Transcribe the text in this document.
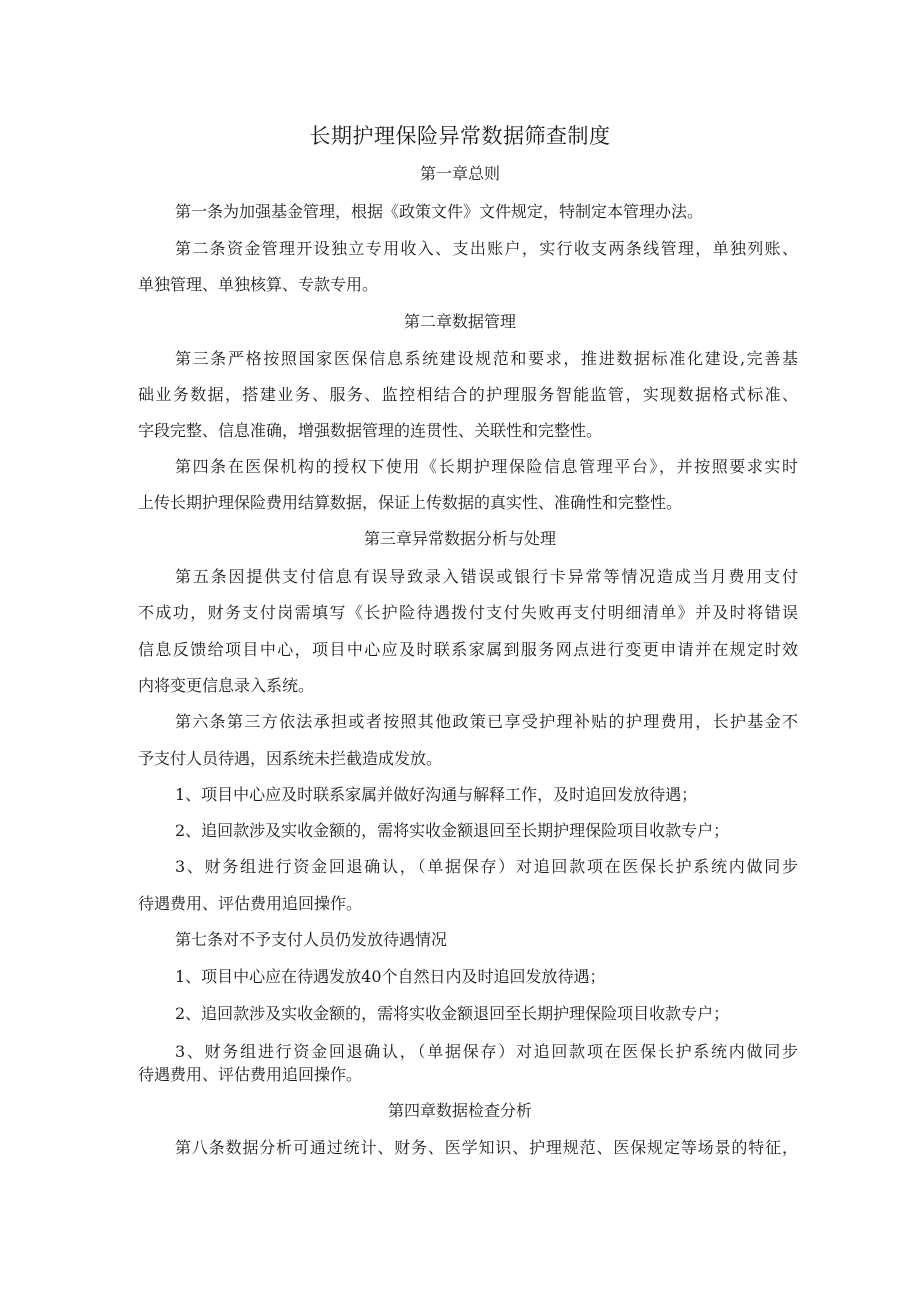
长期护理保险异常数据筛查制度
第一章总则
第一条为加强基金管理，根据《政策文件》文件规定，特制定本管理办法。
第二条资金管理开设独立专用收入、支出账户，实行收支两条线管理，单独列账、
单独管理、单独核算、专款专用。
第二章数据管理
第三条严格按照国家医保信息系统建设规范和要求，推进数据标准化建设,完善基
础业务数据，搭建业务、服务、监控相结合的护理服务智能监管，实现数据格式标准、
字段完整、信息准确，增强数据管理的连贯性、关联性和完整性。
第四条在医保机构的授权下使用《长期护理保险信息管理平台》，并按照要求实时
上传长期护理保险费用结算数据，保证上传数据的真实性、准确性和完整性。
第三章异常数据分析与处理
第五条因提供支付信息有误导致录入错误或银行卡异常等情况造成当月费用支付
不成功，财务支付岗需填写《长护险待遇拨付支付失败再支付明细清单》并及时将错误
信息反馈给项目中心，项目中心应及时联系家属到服务网点进行变更申请并在规定时效
内将变更信息录入系统。
第六条第三方依法承担或者按照其他政策已享受护理补贴的护理费用，长护基金不
予支付人员待遇，因系统未拦截造成发放。
1、项目中心应及时联系家属并做好沟通与解释工作，及时追回发放待遇；
2、追回款涉及实收金额的，需将实收金额退回至长期护理保险项目收款专户；
3、财务组进行资金回退确认，（单据保存）对追回款项在医保长护系统内做同步
待遇费用、评估费用追回操作。
第七条对不予支付人员仍发放待遇情况
1、项目中心应在待遇发放40个自然日内及时追回发放待遇；
2、追回款涉及实收金额的，需将实收金额退回至长期护理保险项目收款专户；
3、财务组进行资金回退确认，（单据保存）对追回款项在医保长护系统内做同步
待遇费用、评估费用追回操作。
第四章数据检查分析
第八条数据分析可通过统计、财务、医学知识、护理规范、医保规定等场景的特征，
